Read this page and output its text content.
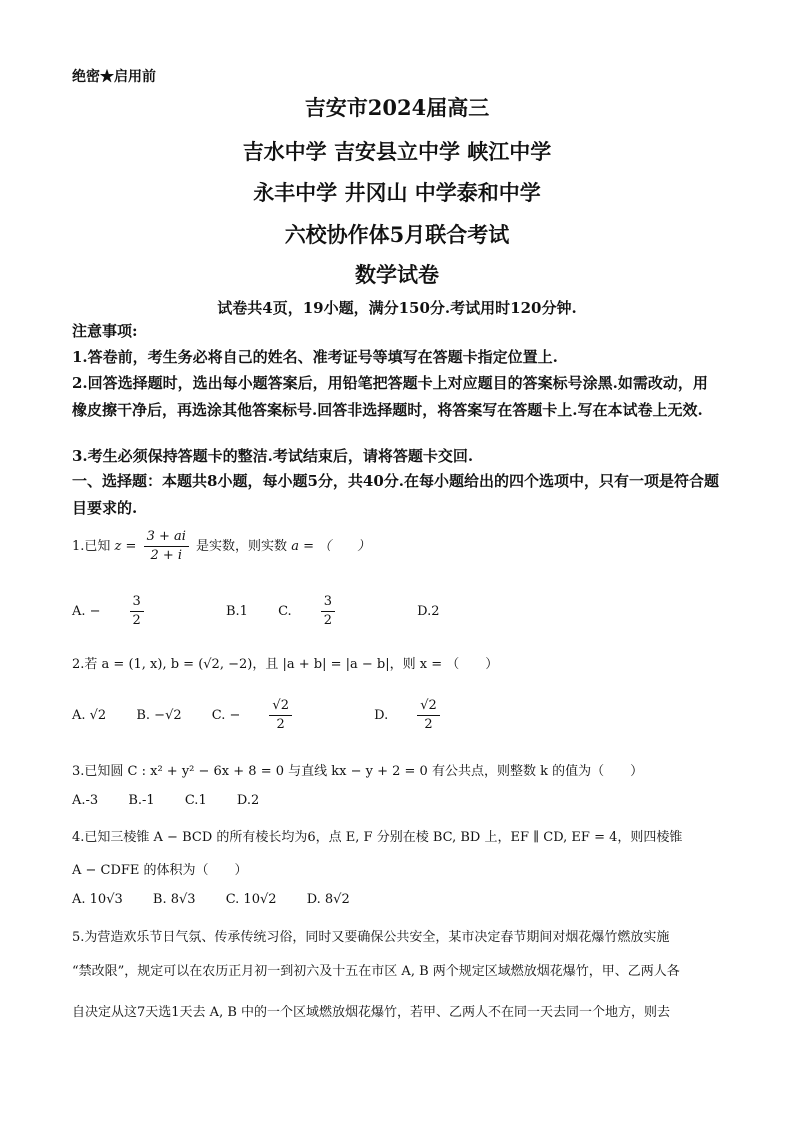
绝密★启用前
吉安市2024届高三
吉水中学 吉安县立中学 峡江中学
永丰中学 井冈山 中学泰和中学
六校协作体5月联合考试
数学试卷
试卷共4页，19小题，满分150分.考试用时120分钟.
注意事项:
1.答卷前，考生务必将自己的姓名、准考证号等填写在答题卡指定位置上.
2.回答选择题时，选出每小题答案后，用铅笔把答题卡上对应题目的答案标号涂黑.如需改动，用橡皮擦干净后，再选涂其他答案标号.回答非选择题时，将答案写在答题卡上.写在本试卷上无效.
3.考生必须保持答题卡的整洁.考试结束后，请将答题卡交回.
一、选择题：本题共8小题，每小题5分，共40分.在每小题给出的四个选项中，只有一项是符合题目要求的.
1.已知 $z = \frac{3 + ai}{2 + i}$ 是实数，则实数 a = （　　）
A. − $\frac{3}{2}$	B.1 C. $\frac{3}{2}$	D.2
2.若 a = (1, x), b = (√2, −2)，且 |a + b| = |a − b|，则 x = （　　）
A. √2 B. −√2 C. − $\frac{√2}{2}$	D. $\frac{√2}{2}$
3.已知圆 C : x² + y² − 6x + 8 = 0 与直线 kx − y + 2 = 0 有公共点，则整数 k 的值为（　　）
A.-3 B.-1 C.1 D.2
4.已知三棱锥 A − BCD 的所有棱长均为6，点 E, F 分别在棱 BC, BD 上，EF ∥ CD, EF = 4，则四棱锥
A − CDFE 的体积为（　　）
A. 10√3 B. 8√3 C. 10√2 D. 8√2
5.为营造欢乐节日气氛、传承传统习俗，同时又要确保公共安全，某市决定春节期间对烟花爆竹燃放实施
“禁改限”，规定可以在农历正月初一到初六及十五在市区 A, B 两个规定区域燃放烟花爆竹，甲、乙两人各
自决定从这7天选1天去 A, B 中的一个区域燃放烟花爆竹，若甲、乙两人不在同一天去同一个地方，则去
